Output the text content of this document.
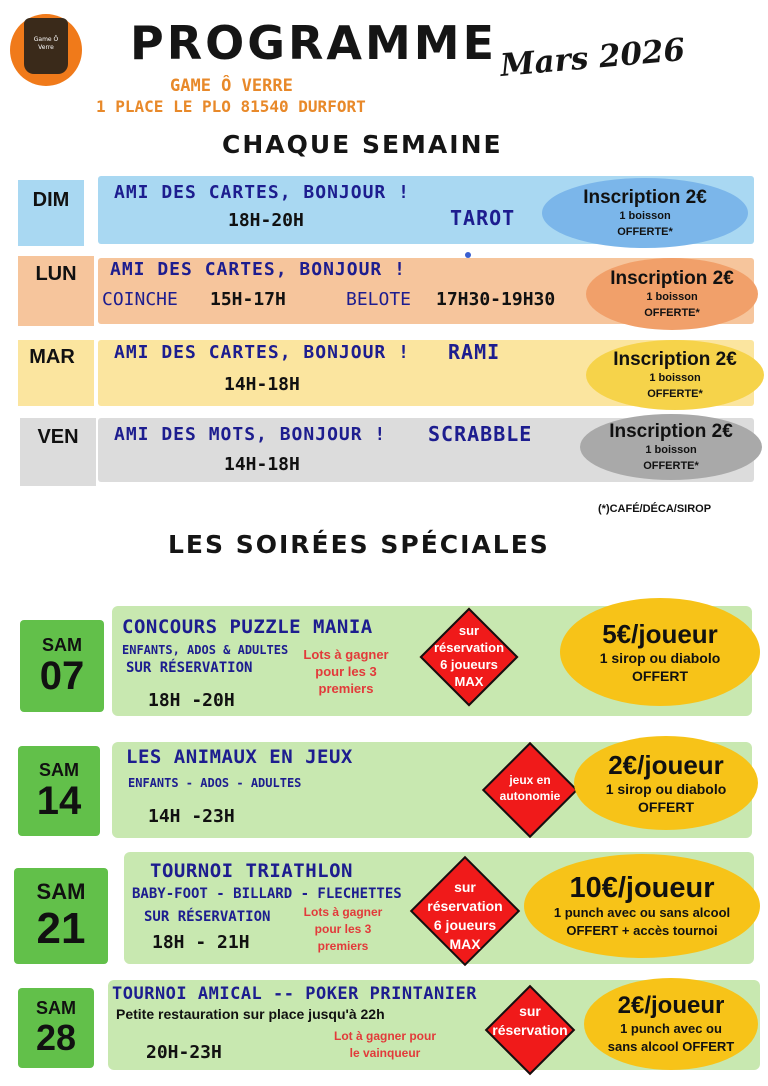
Game Ô Verre PROGRAMME Mars 2026
GAME Ô VERRE
1 PLACE LE PLO 81540 DURFORT
CHAQUE SEMAINE
DIM	AMI DES CARTES, BONJOUR !
18H-20H	TAROT
Inscription 2€
1 boisson
OFFERTE*
LUN	AMI DES CARTES, BONJOUR !
COINCHE 15H-17H	BELOTE 17H30-19H30
Inscription 2€
1 boisson
OFFERTE*
MAR	AMI DES CARTES, BONJOUR ! RAMI
14H-18H
Inscription 2€
1 boisson
OFFERTE*
VEN	AMI DES MOTS, BONJOUR ! SCRABBLE
14H-18H
Inscription 2€
1 boisson
OFFERTE*
(*)CAFÉ/DÉCA/SIROP
LES SOIRÉES SPÉCIALES
SAM
07
CONCOURS PUZZLE MANIA
ENFANTS, ADOS & ADULTES
SUR RÉSERVATION
18H -20H
Lots à gagner
pour les 3
premiers
sur
réservation
6 joueurs
MAX
5€/joueur
1 sirop ou diabolo
OFFERT
SAM
14
LES ANIMAUX EN JEUX
ENFANTS - ADOS - ADULTES
14H -23H
jeux en
autonomie
2€/joueur
1 sirop ou diabolo
OFFERT
SAM
21
TOURNOI TRIATHLON
BABY-FOOT - BILLARD - FLECHETTES
SUR RÉSERVATION
18H - 21H
Lots à gagner
pour les 3
premiers
sur
réservation
6 joueurs
MAX
10€/joueur
1 punch avec ou sans alcool
OFFERT + accès tournoi
SAM
28
TOURNOI AMICAL -- POKER PRINTANIER
Petite restauration sur place jusqu'à 22h
20H-23H
Lot à gagner pour
le vainqueur
sur
réservation
2€/joueur
1 punch avec ou
sans alcool OFFERT
